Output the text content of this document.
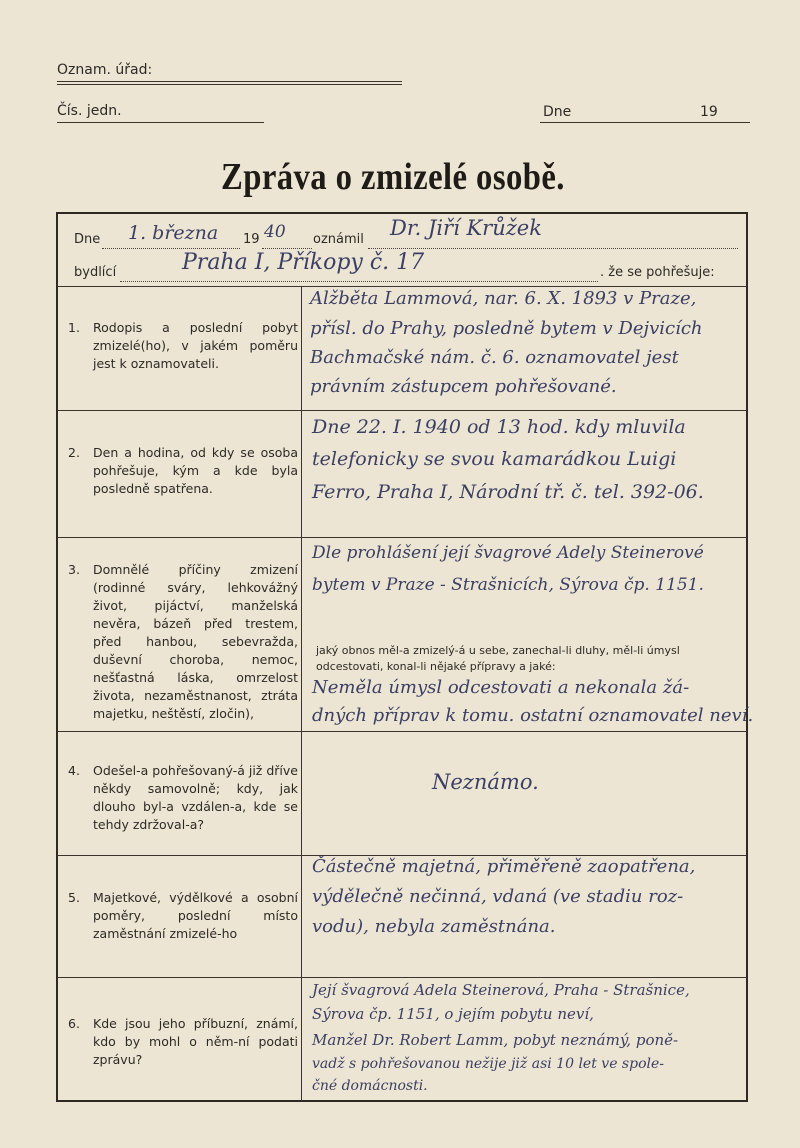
Oznam. úřad:
Čís. jedn.	Dne	19
Zpráva o zmizelé osobě.
Dne 1. března 19 40 oznámil Dr. Jiří Krůžek
bydlící	Praha I, Příkopy č. 17	. že se pohřešuje:
1. Rodopis a poslední pobyt zmizelé(ho), v jakém poměru jest k oznamovateli.
Alžběta Lammová, nar. 6. X. 1893 v Praze,
přísl. do Prahy, posledně bytem v Dejvicích
Bachmačské nám. č. 6. oznamovatel jest
právním zástupcem pohřešované.
2. Den a hodina, od kdy se osoba pohřešuje, kým a kde byla posledně spatřena.
Dne 22. I. 1940 od 13 hod. kdy mluvila
telefonicky se svou kamarádkou Luigi
Ferro, Praha I, Národní tř. č. tel. 392-06.
3. Domnělé příčiny zmizení (rodinné sváry, lehkovážný život, pijáctví, manželská nevěra, bázeň před trestem, před hanbou, sebevražda, duševní choroba, nemoc, nešťastná láska, omrzelost života, nezaměstnanost, ztráta majetku, neštěstí, zločin),
Dle prohlášení její švagrové Adely Steinerové
bytem v Praze - Strašnicích, Sýrova čp. 1151.
jaký obnos měl-a zmizelý-á u sebe, zanechal-li dluhy, měl-li úmysl odcestovati, konal-li nějaké přípravy a jaké:
Neměla úmysl odcestovati a nekonala žá-
dných příprav k tomu. ostatní oznamovatel neví.
4. Odešel-a pohřešovaný-á již dříve někdy samovolně; kdy, jak dlouho byl-a vzdálen-a, kde se tehdy zdržoval-a?
Neznámo.
5. Majetkové, výdělkové a osobní poměry, poslední místo zaměstnání zmizelé-ho
Částečně majetná, přiměřeně zaopatřena,
výdělečně nečinná, vdaná (ve stadiu roz-
vodu), nebyla zaměstnána.
6. Kde jsou jeho příbuzní, známí, kdo by mohl o něm-ní podati zprávu?
Její švagrová Adela Steinerová, Praha - Strašnice,
Sýrova čp. 1151, o jejím pobytu neví,
Manžel Dr. Robert Lamm, pobyt neznámý, poně-
vadž s pohřešovanou nežije již asi 10 let ve spole-
čné domácnosti.
